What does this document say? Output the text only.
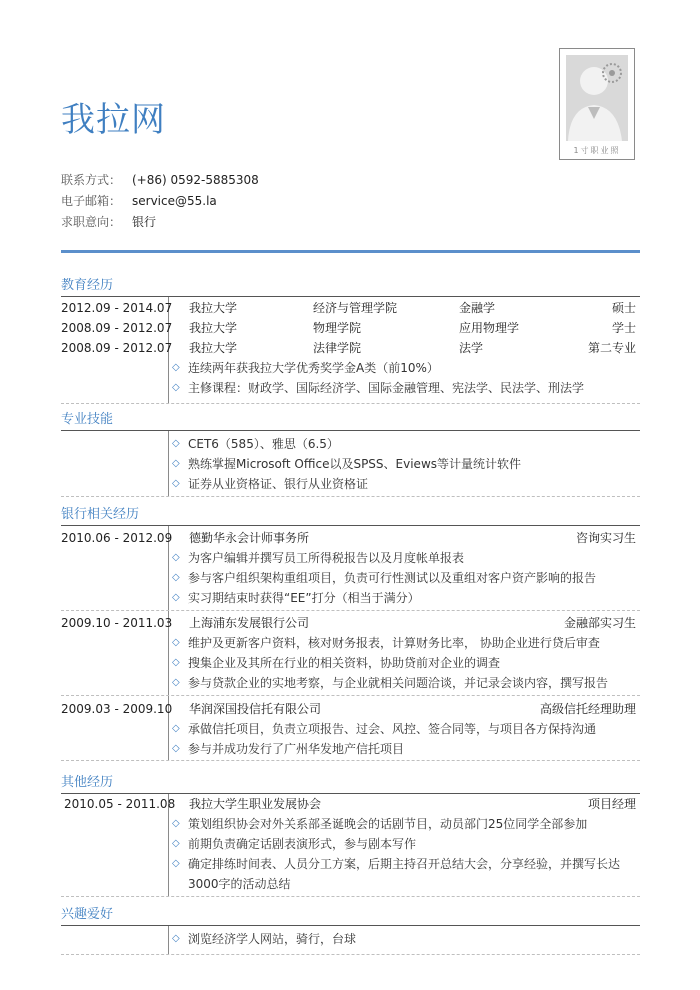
我拉网
1寸职业照
联系方式： (+86) 0592-5885308
电子邮箱： service@55.la
求职意向： 银行
教育经历
2012.09 - 2014.07 我拉大学	经济与管理学院	金融学	硕士
2008.09 - 2012.07 我拉大学	物理学院	应用物理学	学士
2008.09 - 2012.07 我拉大学	法律学院	法学	第二专业
◇ 连续两年获我拉大学优秀奖学金A类（前10%）
◇ 主修课程：财政学、国际经济学、国际金融管理、宪法学、民法学、刑法学
专业技能
◇ CET6（585）、雅思（6.5）
◇ 熟练掌握Microsoft Office以及SPSS、Eviews等计量统计软件
◇ 证券从业资格证、银行从业资格证
银行相关经历
2010.06 - 2012.09 德勤华永会计师事务所	咨询实习生
◇ 为客户编辑并撰写员工所得税报告以及月度帐单报表
◇ 参与客户组织架构重组项目，负责可行性测试以及重组对客户资产影响的报告
◇ 实习期结束时获得“EE”打分（相当于满分）
2009.10 - 2011.03 上海浦东发展银行公司	金融部实习生
◇ 维护及更新客户资料，核对财务报表，计算财务比率， 协助企业进行贷后审查
◇ 搜集企业及其所在行业的相关资料，协助贷前对企业的调查
◇ 参与贷款企业的实地考察，与企业就相关问题洽谈，并记录会谈内容，撰写报告
2009.03 - 2009.10 华润深国投信托有限公司	高级信托经理助理
◇ 承做信托项目，负责立项报告、过会、风控、签合同等，与项目各方保持沟通
◇ 参与并成功发行了广州华发地产信托项目
其他经历
2010.05 - 2011.08 我拉大学生职业发展协会	项目经理
◇ 策划组织协会对外关系部圣诞晚会的话剧节目，动员部门25位同学全部参加
◇ 前期负责确定话剧表演形式，参与剧本写作
◇ 确定排练时间表、人员分工方案，后期主持召开总结大会，分享经验，并撰写长达3000字的活动总结
兴趣爱好
◇ 浏览经济学人网站，骑行，台球
